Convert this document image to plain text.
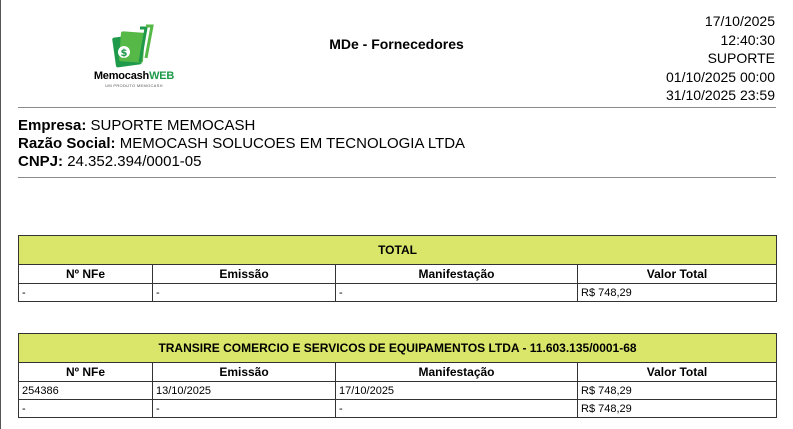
$
MemocashWEB
UM PRODUTO MEMOCASH
MDe - Fornecedores
17/10/2025
12:40:30
SUPORTE
01/10/2025 00:00
31/10/2025 23:59
Empresa: SUPORTE MEMOCASH
Razão Social: MEMOCASH SOLUCOES EM TECNOLOGIA LTDA
CNPJ: 24.352.394/0001-05
TOTAL			
Nº NFe	Emissão	Manifestação	Valor Total
-	-	-	R$ 748,29
TRANSIRE COMERCIO E SERVICOS DE EQUIPAMENTOS LTDA - 11.603.135/0001-68			
Nº NFe	Emissão	Manifestação	Valor Total
254386	13/10/2025	17/10/2025	R$ 748,29
-	-	-	R$ 748,29
